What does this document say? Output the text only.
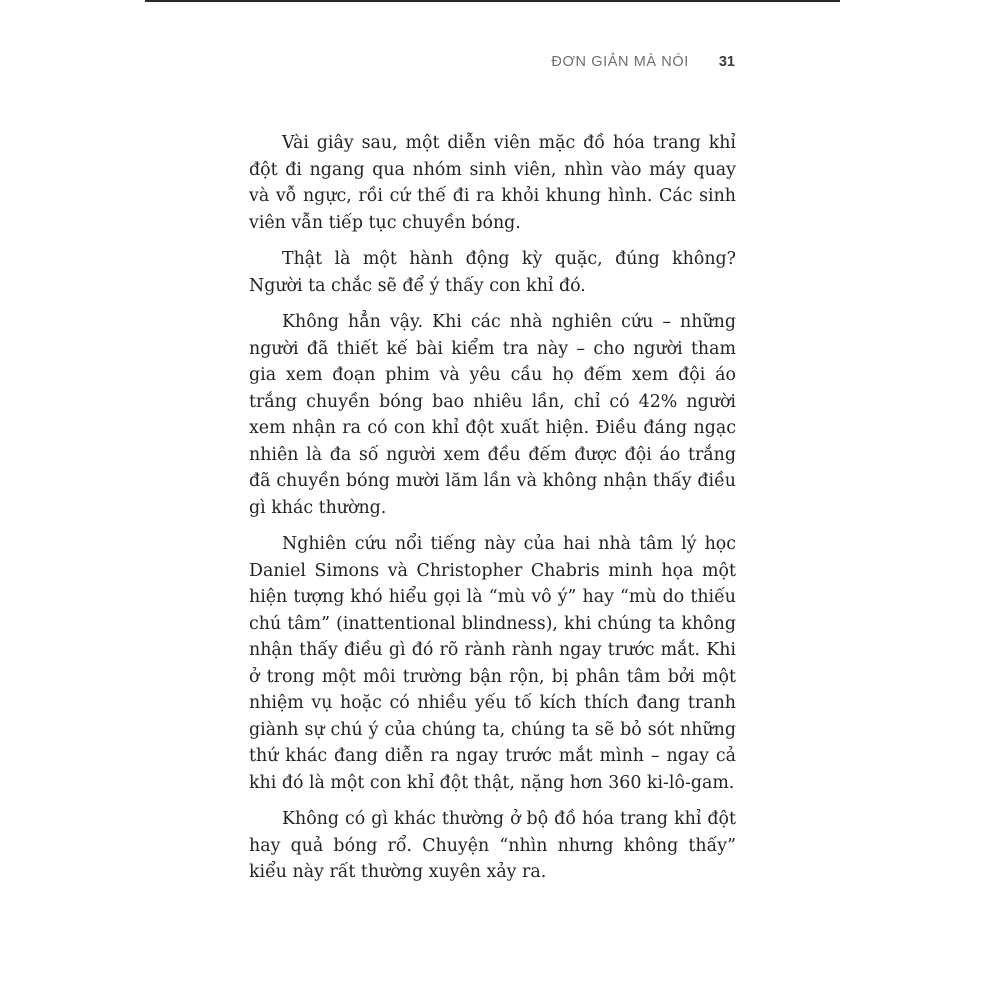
ĐƠN GIẢN MÀ NÓI 31

Vài giây sau, một diễn viên mặc đồ hóa trang khỉ đột đi ngang qua nhóm sinh viên, nhìn vào máy quay và vỗ ngực, rồi cứ thế đi ra khỏi khung hình. Các sinh viên vẫn tiếp tục chuyền bóng.

Thật là một hành động kỳ quặc, đúng không? Người ta chắc sẽ để ý thấy con khỉ đó.

Không hẳn vậy. Khi các nhà nghiên cứu – những người đã thiết kế bài kiểm tra này – cho người tham gia xem đoạn phim và yêu cầu họ đếm xem đội áo trắng chuyền bóng bao nhiêu lần, chỉ có 42% người xem nhận ra có con khỉ đột xuất hiện. Điều đáng ngạc nhiên là đa số người xem đều đếm được đội áo trắng đã chuyền bóng mười lăm lần và không nhận thấy điều gì khác thường.

Nghiên cứu nổi tiếng này của hai nhà tâm lý học Daniel Simons và Christopher Chabris minh họa một hiện tượng khó hiểu gọi là “mù vô ý” hay “mù do thiếu chú tâm” (inattentional blindness), khi chúng ta không nhận thấy điều gì đó rõ rành rành ngay trước mắt. Khi ở trong một môi trường bận rộn, bị phân tâm bởi một nhiệm vụ hoặc có nhiều yếu tố kích thích đang tranh giành sự chú ý của chúng ta, chúng ta sẽ bỏ sót những thứ khác đang diễn ra ngay trước mắt mình – ngay cả khi đó là một con khỉ đột thật, nặng hơn 360 ki-lô-gam.

Không có gì khác thường ở bộ đồ hóa trang khỉ đột hay quả bóng rổ. Chuyện “nhìn nhưng không thấy” kiểu này rất thường xuyên xảy ra.
